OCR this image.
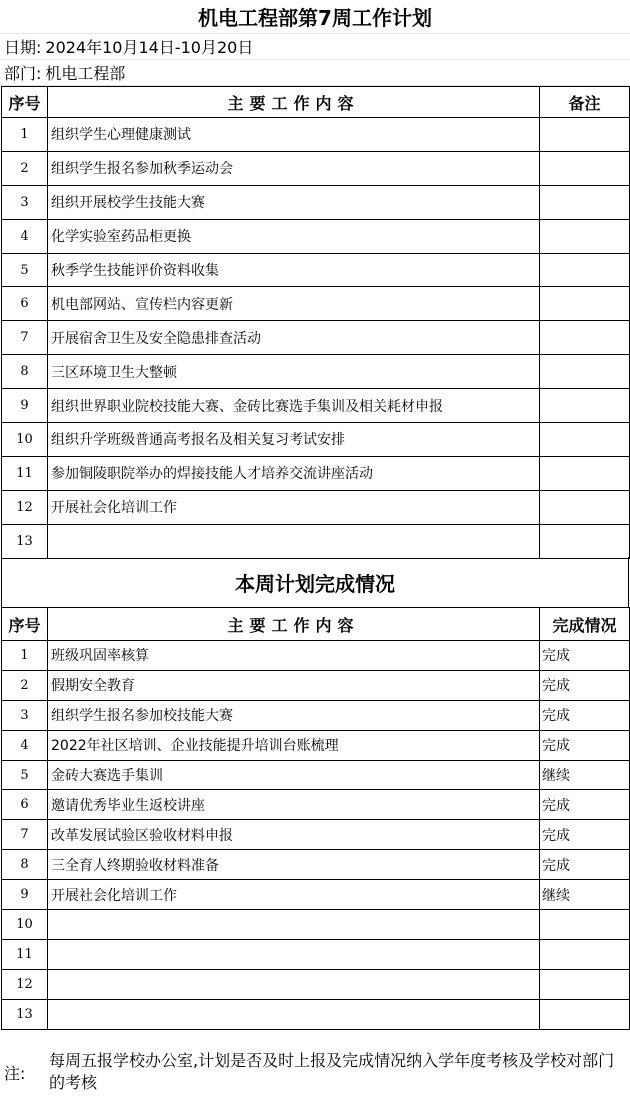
机电工程部第7周工作计划
日期: 2024年10月14日-10月20日
部门: 机电工程部
序号	主要工作内容	备注
1	组织学生心理健康测试	
2	组织学生报名参加秋季运动会	
3	组织开展校学生技能大赛	
4	化学实验室药品柜更换	
5	秋季学生技能评价资料收集	
6	机电部网站、宣传栏内容更新	
7	开展宿舍卫生及安全隐患排查活动	
8	三区环境卫生大整顿	
9	组织世界职业院校技能大赛、金砖比赛选手集训及相关耗材申报	
10	组织升学班级普通高考报名及相关复习考试安排	
11	参加铜陵职院举办的焊接技能人才培养交流讲座活动	
12	开展社会化培训工作	
13		
本周计划完成情况
序号	主要工作内容	完成情况
1	班级巩固率核算	完成
2	假期安全教育	完成
3	组织学生报名参加校技能大赛	完成
4	2022年社区培训、企业技能提升培训台账梳理	完成
5	金砖大赛选手集训	继续
6	邀请优秀毕业生返校讲座	完成
7	改革发展试验区验收材料申报	完成
8	三全育人终期验收材料准备	完成
9	开展社会化培训工作	继续
10		
11		
12		
13		
注:
每周五报学校办公室,计划是否及时上报及完成情况纳入学年度考核及学校对部门的考核
